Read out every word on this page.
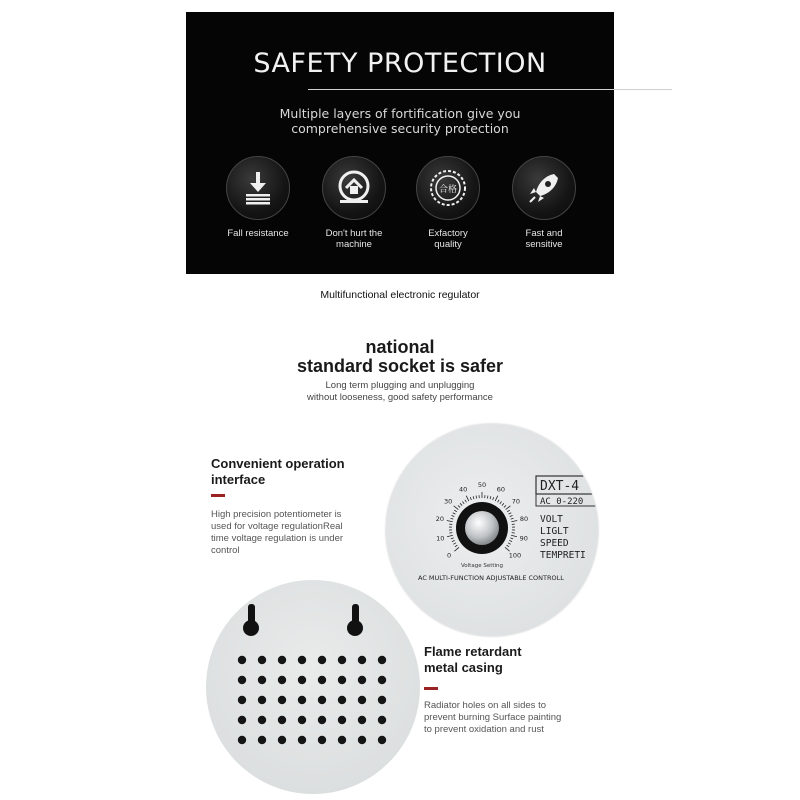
SAFETY PROTECTION
Multiple layers of fortification give you
comprehensive security protection
Fall resistance	Don't hurt the
machine
合格
Exfactory
quality
Fast and
sensitive
Multifunctional electronic regulator
national
standard socket is safer
Long term plugging and unplugging
without looseness, good safety performance
Convenient operation
interface
High precision potentiometer is
used for voltage regulationReal
time voltage regulation is under
control
DXT-4
AC 0-220
VOLT
LIGLT
SPEED
TEMPRETI
0
10
20
30
40
50
60
70
80
90
100
Voltage Setting
AC MULTI-FUNCTION ADJUSTABLE CONTROLL
Flame retardant
metal casing
Radiator holes on all sides to
prevent burning Surface painting
to prevent oxidation and rust
